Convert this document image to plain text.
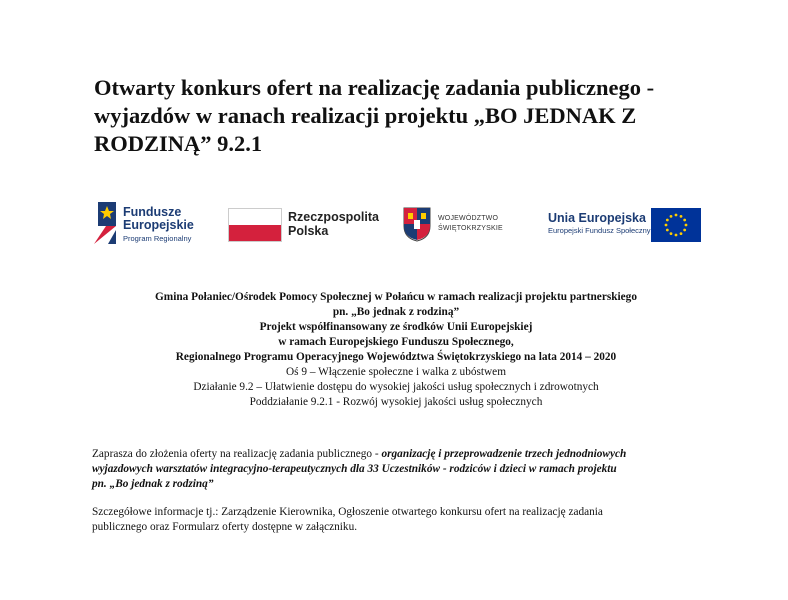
Otwarty konkurs ofert na realizację zadania publicznego -
wyjazdów w ranach realizacji projektu „BO JEDNAK Z
RODZINĄ” 9.2.1
Fundusze
Europejskie
Program Regionalny
Rzeczpospolita
Polska
WOJEWÓDZTWO
ŚWIĘTOKRZYSKIE
Unia Europejska
Europejski Fundusz Społeczny
Gmina Połaniec/Ośrodek Pomocy Społecznej w Połańcu w ramach realizacji projektu partnerskiego
pn. „Bo jednak z rodziną”
Projekt współfinansowany ze środków Unii Europejskiej
w ramach Europejskiego Funduszu Społecznego,
Regionalnego Programu Operacyjnego Województwa Świętokrzyskiego na lata 2014 – 2020
Oś 9 – Włączenie społeczne i walka z ubóstwem
Działanie 9.2 – Ułatwienie dostępu do wysokiej jakości usług społecznych i zdrowotnych
Poddziałanie 9.2.1 - Rozwój wysokiej jakości usług społecznych
Zaprasza do złożenia oferty na realizację zadania publicznego - organizację i przeprowadzenie trzech jednodniowych
wyjazdowych warsztatów integracyjno-terapeutycznych dla 33 Uczestników - rodziców i dzieci w ramach projektu
pn. „Bo jednak z rodziną”
Szczegółowe informacje tj.: Zarządzenie Kierownika, Ogłoszenie otwartego konkursu ofert na realizację zadania
publicznego oraz Formularz oferty dostępne w załączniku.
